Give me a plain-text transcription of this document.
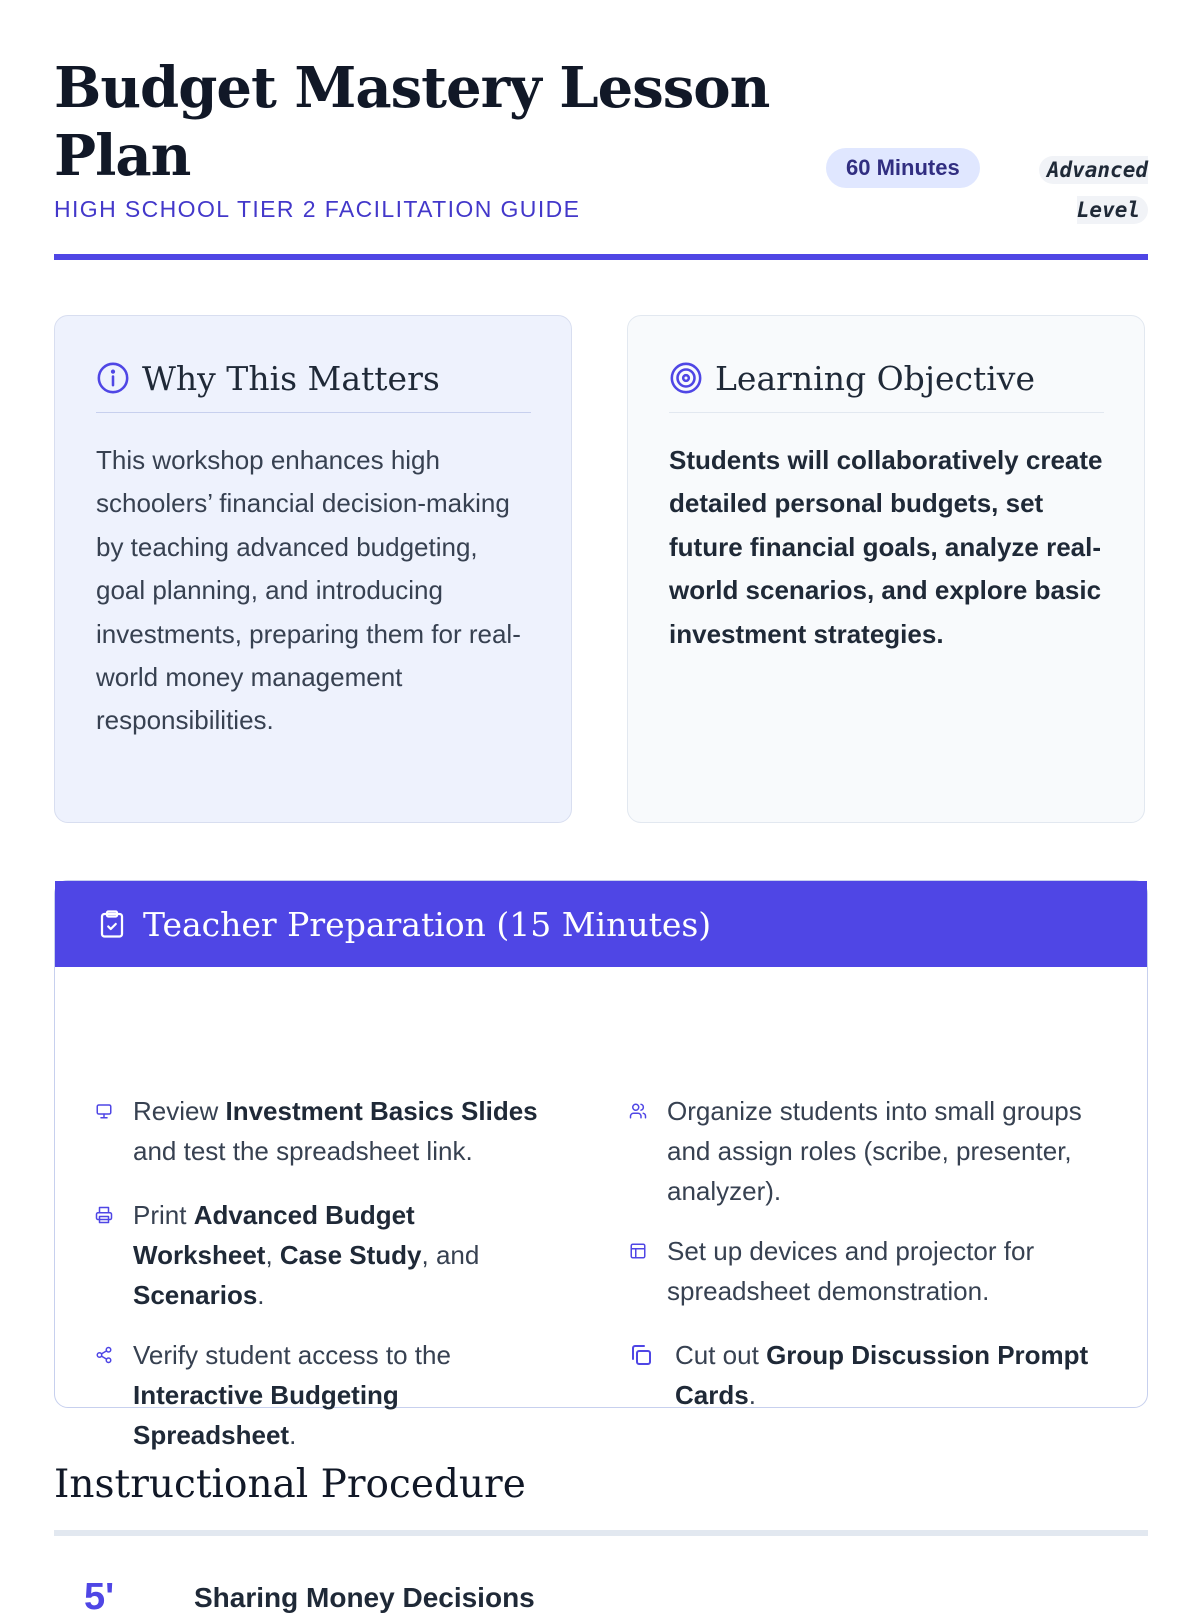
Budget Mastery Lesson Plan
HIGH SCHOOL TIER 2 FACILITATION GUIDE
60 Minutes	Advanced Level
Why This Matters
This workshop enhances high schoolers’ financial decision-making by teaching advanced budgeting, goal planning, and introducing investments, preparing them for real-world money management responsibilities.
Learning Objective
Students will collaboratively create detailed personal budgets, set future financial goals, analyze real-world scenarios, and explore basic investment strategies.
Teacher Preparation (15 Minutes)
Review Investment Basics Slides and test the spreadsheet link.
Print Advanced Budget Worksheet, Case Study, and Scenarios.
Verify student access to the Interactive Budgeting Spreadsheet.
Organize students into small groups and assign roles (scribe, presenter, analyzer).
Set up devices and projector for spreadsheet demonstration.
Cut out Group Discussion Prompt Cards.
Instructional Procedure
5'	Sharing Money Decisions
